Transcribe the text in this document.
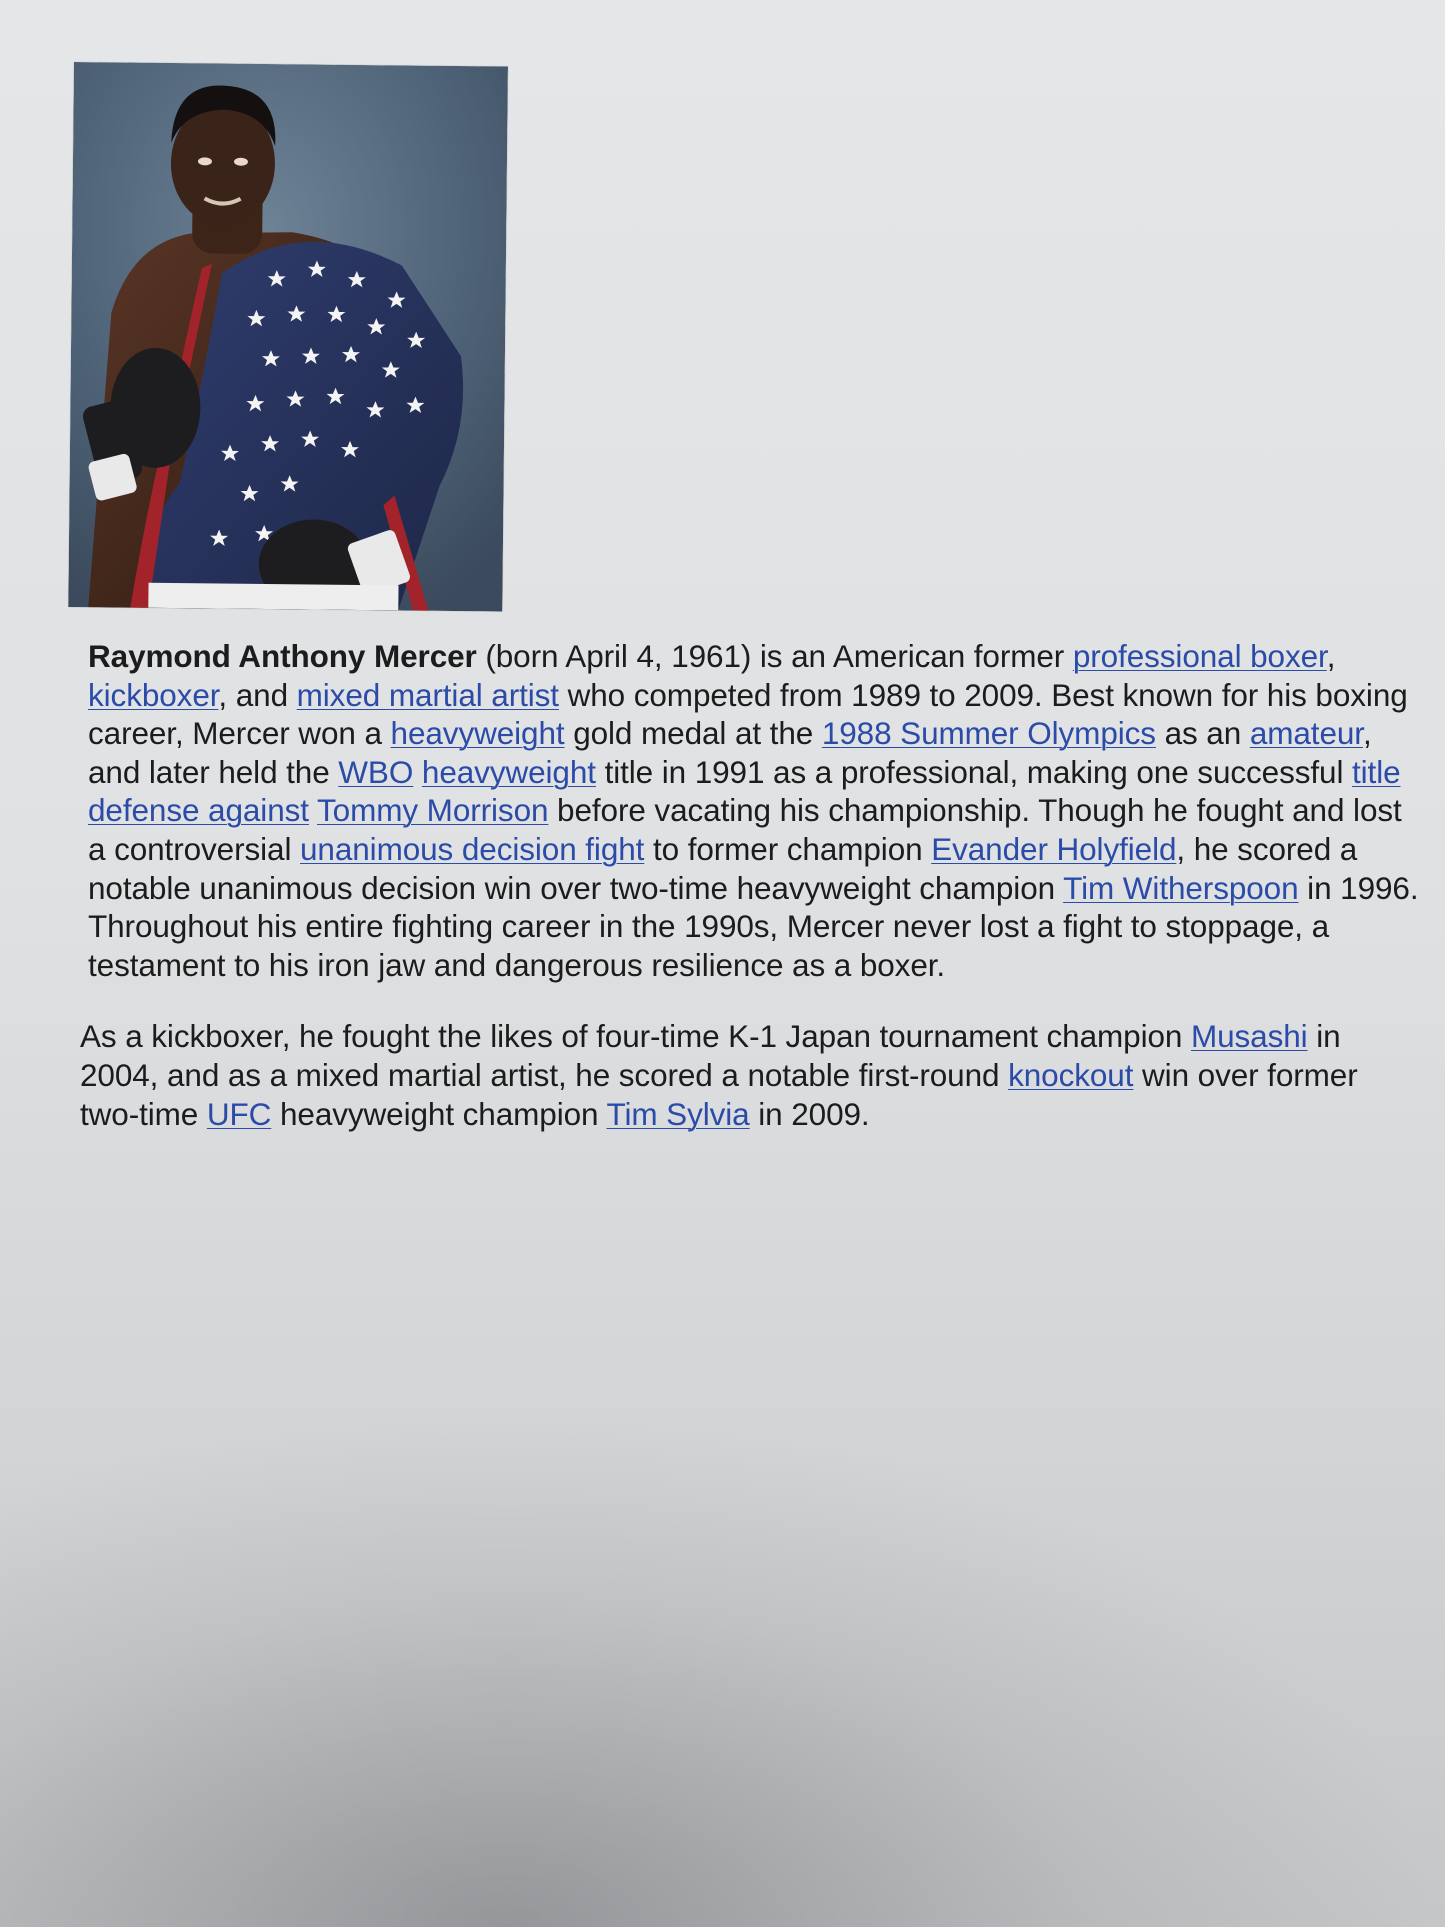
Raymond Anthony Mercer (born April 4, 1961) is an American former professional boxer, kickboxer, and mixed martial artist who competed from 1989 to 2009. Best known for his boxing career, Mercer won a heavyweight gold medal at the 1988 Summer Olympics as an amateur, and later held the WBO heavyweight title in 1991 as a professional, making one successful title defense against Tommy Morrison before vacating his championship. Though he fought and lost a controversial unanimous decision fight to former champion Evander Holyfield, he scored a notable unanimous decision win over two-time heavyweight champion Tim Witherspoon in 1996. Throughout his entire fighting career in the 1990s, Mercer never lost a fight to stoppage, a testament to his iron jaw and dangerous resilience as a boxer.

As a kickboxer, he fought the likes of four-time K-1 Japan tournament champion Musashi in 2004, and as a mixed martial artist, he scored a notable first-round knockout win over former two-time UFC heavyweight champion Tim Sylvia in 2009.
